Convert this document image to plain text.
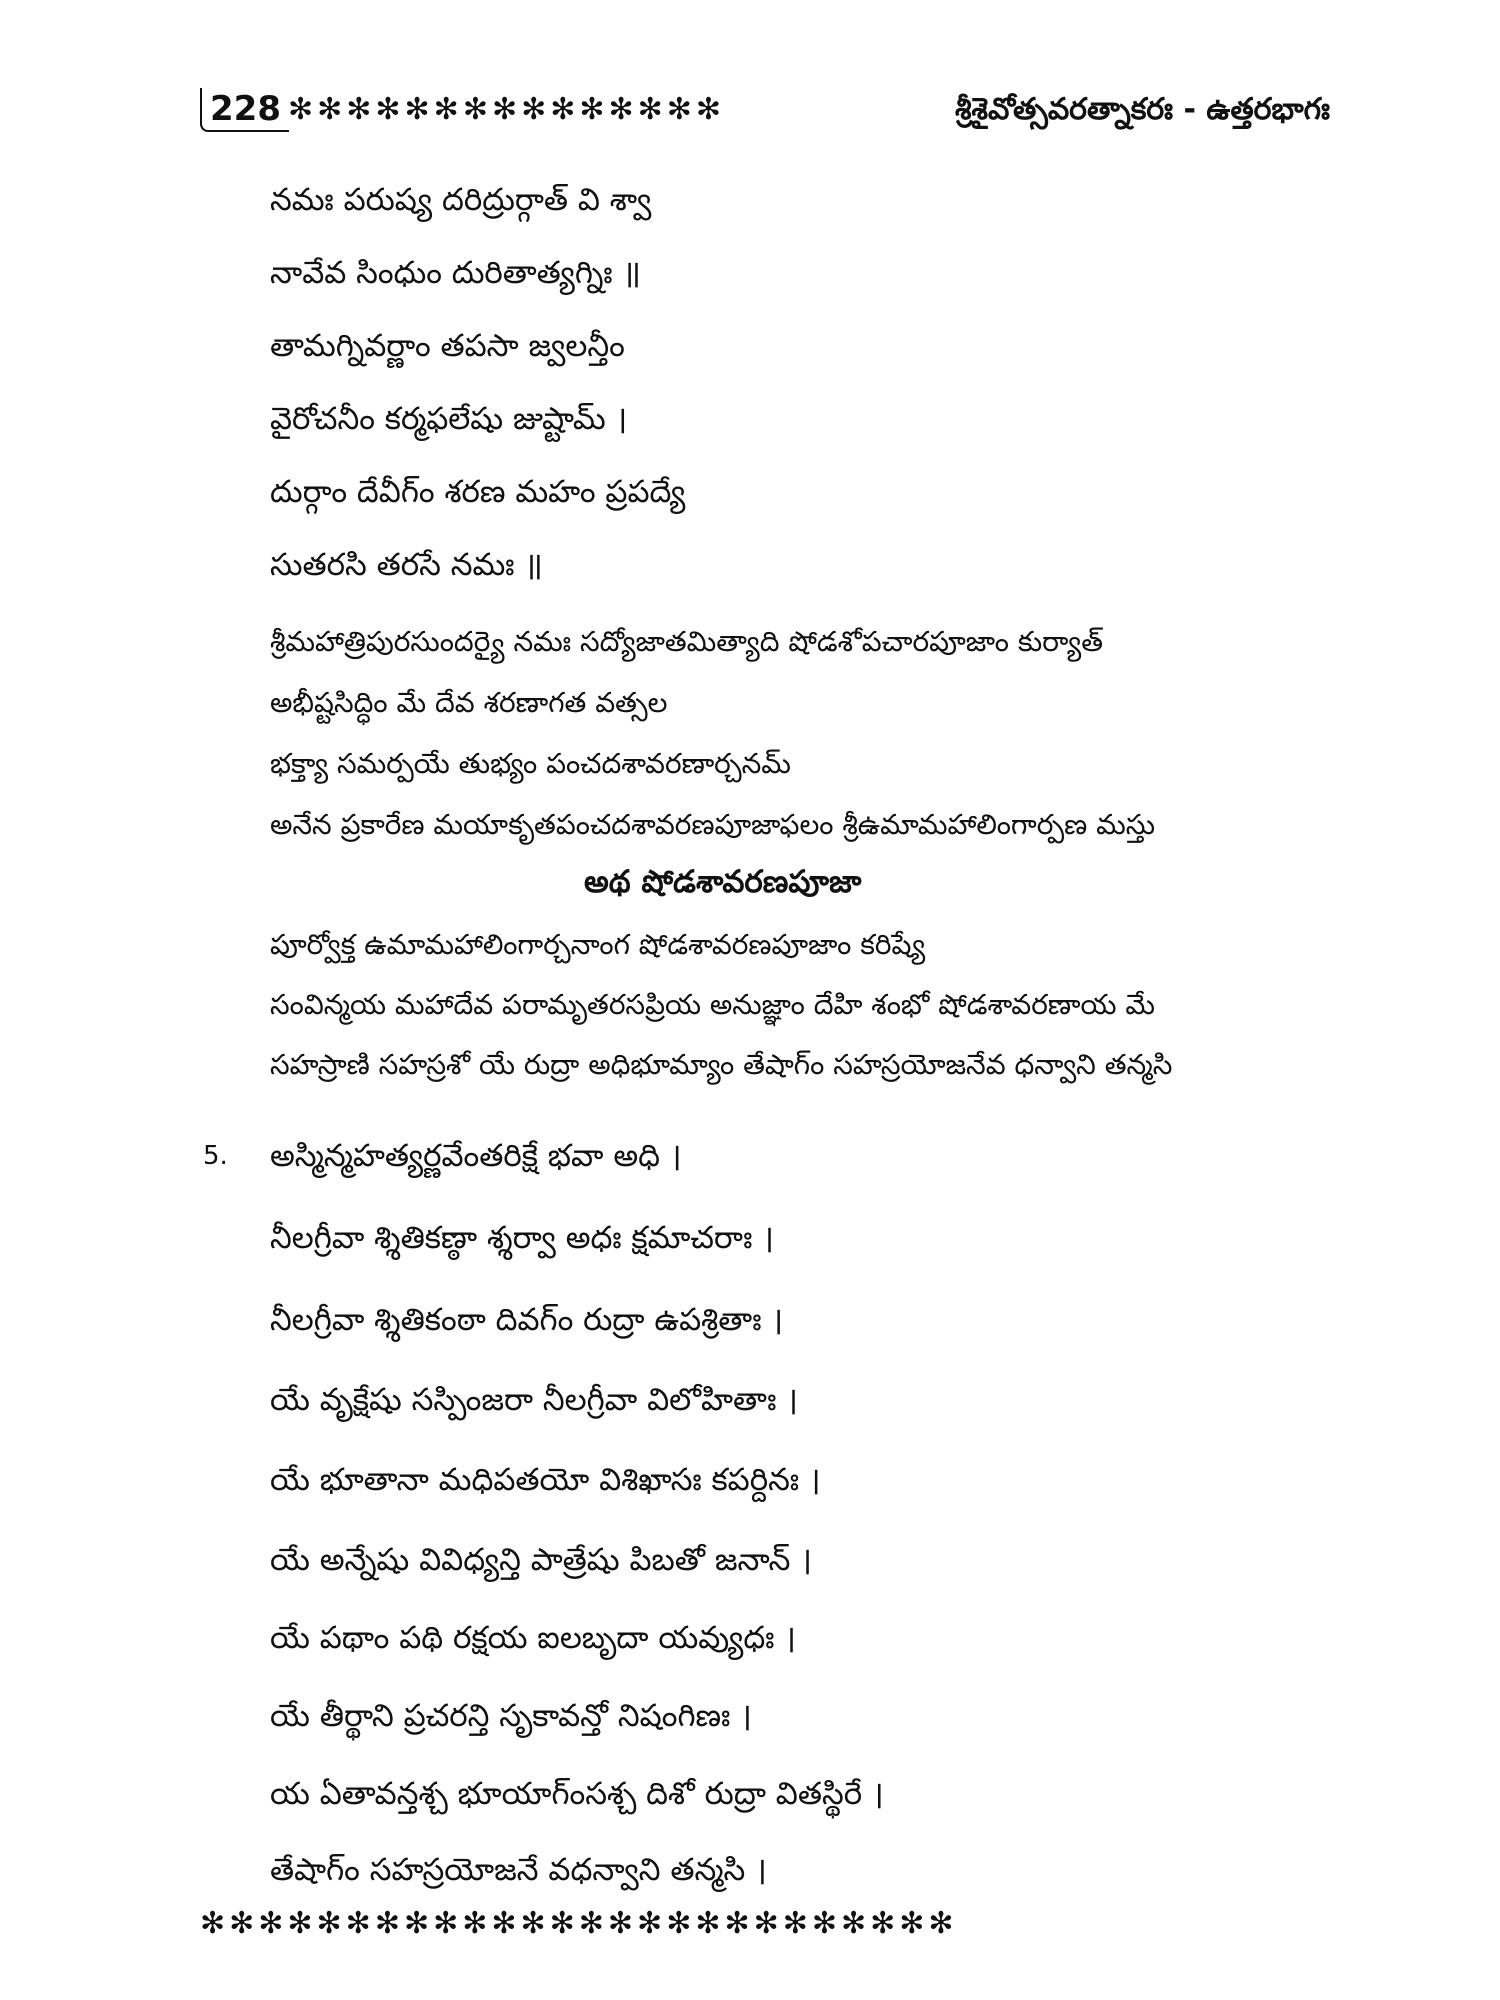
228 ✻✻✻✻✻✻✻✻✻✻✻✻✻✻✻	శ్రీశైవోత్సవరత్నాకరః - ఉత్తరభాగః
నమః పరుష్య దరిద్రుర్గాత్ వి శ్వా
నావేవ సింధుం దురితాత్యగ్నిః ॥
తామగ్నివర్ణాం తపసా జ్వలన్తీం
వైరోచనీం కర్మఫలేషు జుష్టామ్ ।
దుర్గాం దేవీగ్ం శరణ మహం ప్రపద్యే
సుతరసి తరసే నమః ॥
శ్రీమహాత్రిపురసుందర్యై నమః సద్యోజాతమిత్యాది షోడశోపచారపూజాం కుర్యాత్
అభీష్టసిద్ధిం మే దేవ శరణాగత వత్సల
భక్త్యా సమర్పయే తుభ్యం పంచదశావరణార్చనమ్
అనేన ప్రకారేణ మయాకృతపంచదశావరణపూజాఫలం శ్రీఉమామహాలింగార్పణ మస్తు
అథ షోడశావరణపూజా
పూర్వోక్త ఉమామహాలింగార్చనాంగ షోడశావరణపూజాం కరిష్యే
సంవిన్మయ మహాదేవ పరామృతరసప్రియ అనుజ్ఞాం దేహి శంభో షోడశావరణాయ మే
సహస్రాణి సహస్రశో యే రుద్రా అధిభూమ్యాం తేషాగ్ం సహస్రయోజనేవ ధన్వాని తన్మసి
5. అస్మిన్మహత్యర్ణవేంతరిక్షే భవా అధి ।
నీలగ్రీవా శ్శితికణ్ఠా శ్శర్వా అధః క్షమాచరాః ।
నీలగ్రీవా శ్శితికంఠా దివగ్ం రుద్రా ఉపశ్రితాః ।
యే వృక్షేషు సస్పింజరా నీలగ్రీవా విలోహితాః ।
యే భూతానా మధిపతయో విశిఖాసః కపర్దినః ।
యే అన్నేషు వివిధ్యన్తి పాత్రేషు పిబతో జనాన్ ।
యే పథాం పథి రక్షయ ఐలబృదా యవ్యుధః ।
యే తీర్థాని ప్రచరన్తి సృకావన్తో నిషంగిణః ।
య ఏతావన్తశ్చ భూయాగ్ంసశ్చ దిశో రుద్రా వితస్థిరే ।
తేషాగ్ం సహస్రయోజనే వధన్వాని తన్మసి ।
✻✻✻✻✻✻✻✻✻✻✻✻✻✻✻✻✻✻✻✻✻✻✻✻✻✻
